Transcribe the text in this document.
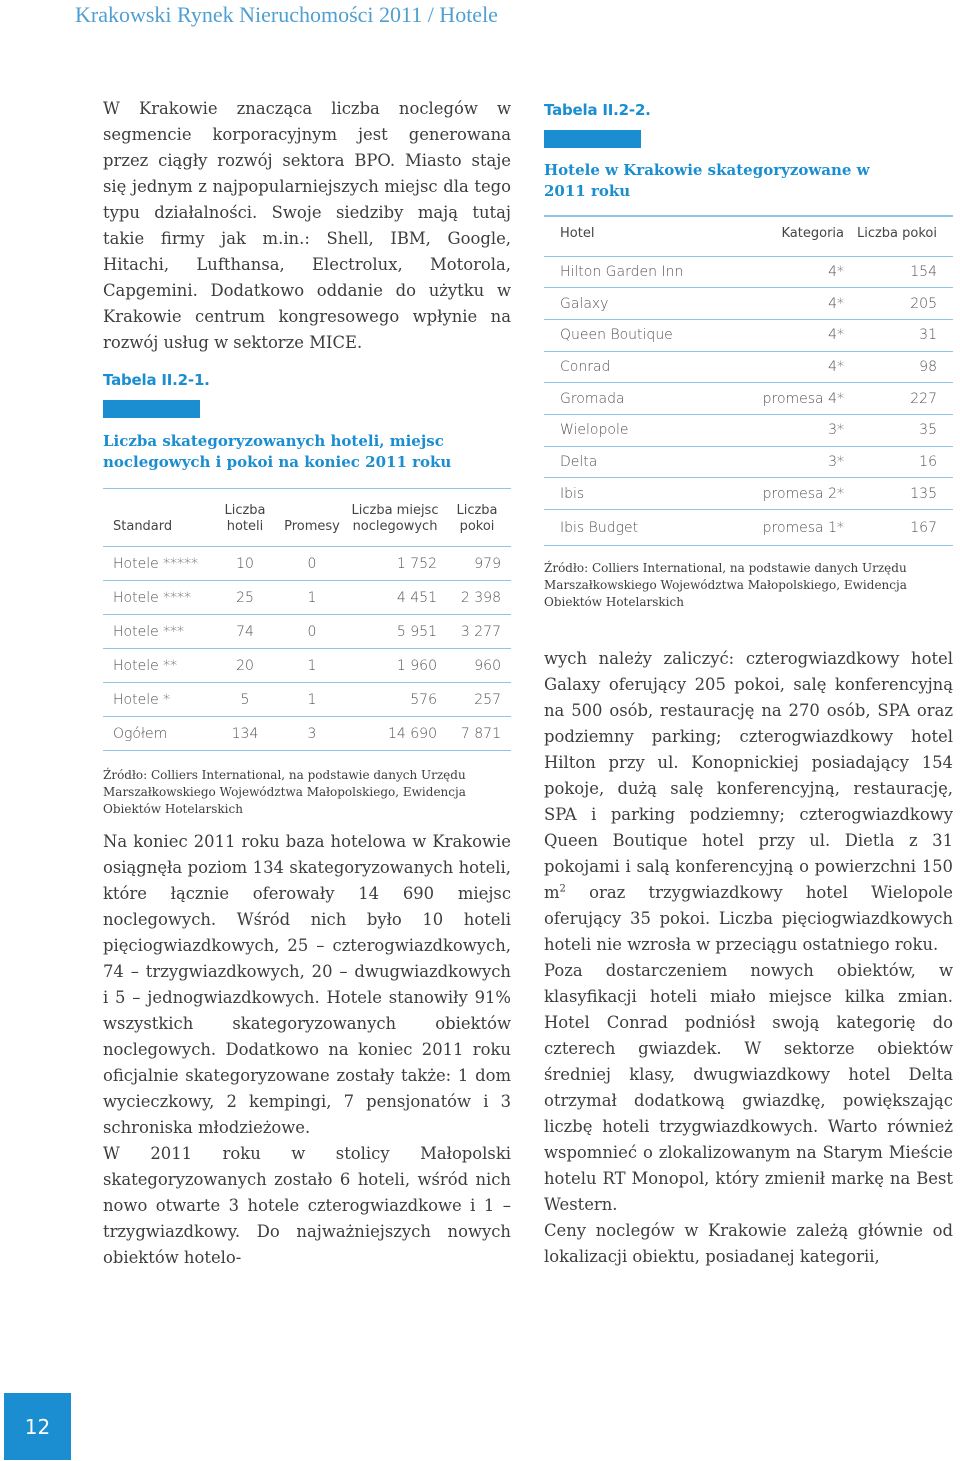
Krakowski Rynek Nieruchomości 2011 / Hotele

W Krakowie znacząca liczba noclegów w segmencie korporacyjnym jest generowana przez ciągły rozwój sektora BPO. Miasto staje się jednym z najpopularniejszych miejsc dla tego typu działalności. Swoje siedziby mają tutaj takie firmy jak m.in.: Shell, IBM, Google, Hitachi, Lufthansa, Electrolux, Motorola, Capgemini. Dodatkowo oddanie do użytku w Krakowie centrum kongresowego wpłynie na rozwój usług w sektorze MICE.

Tabela II.2-1.
Liczba skategoryzowanych hoteli, miejsc noclegowych i pokoi na koniec 2011 roku
Standard	Liczba hoteli	Promesy	Liczba miejsc noclegowych	Liczba pokoi
Hotele *****	10	0	1 752	979
Hotele ****	25	1	4 451	2 398
Hotele ***	74	0	5 951	3 277
Hotele **	20	1	1 960	960
Hotele *	5	1	576	257
Ogółem	134	3	14 690	7 871
Źródło: Colliers International, na podstawie danych Urzędu Marszałkowskiego Województwa Małopolskiego, Ewidencja Obiektów Hotelarskich

Na koniec 2011 roku baza hotelowa w Krakowie osiągnęła poziom 134 skategoryzowanych hoteli, które łącznie oferowały 14 690 miejsc noclegowych. Wśród nich było 10 hoteli pięciogwiazdkowych, 25 – czterogwiazdkowych, 74 – trzygwiazdkowych, 20 – dwugwiazdkowych i 5 – jednogwiazdkowych. Hotele stanowiły 91% wszystkich skategoryzowanych obiektów noclegowych. Dodatkowo na koniec 2011 roku oficjalnie skategoryzowane zostały także: 1 dom wycieczkowy, 2 kempingi, 7 pensjonatów i 3 schroniska młodzieżowe.

W 2011 roku w stolicy Małopolski skategoryzowanych zostało 6 hoteli, wśród nich nowo otwarte 3 hotele czterogwiazdkowe i 1 – trzygwiazdkowy. Do najważniejszych nowych obiektów hotelo-

Tabela II.2-2.
Hotele w Krakowie skategoryzowane w 2011 roku
Hotel	Kategoria	Liczba pokoi
Hilton Garden Inn	4*	154
Galaxy	4*	205
Queen Boutique	4*	31
Conrad	4*	98
Gromada	promesa 4*	227
Wielopole	3*	35
Delta	3*	16
Ibis	promesa 2*	135
Ibis Budget	promesa 1*	167
Źródło: Colliers International, na podstawie danych Urzędu Marszałkowskiego Województwa Małopolskiego, Ewidencja Obiektów Hotelarskich

wych należy zaliczyć: czterogwiazdkowy hotel Galaxy oferujący 205 pokoi, salę konferencyjną na 500 osób, restaurację na 270 osób, SPA oraz podziemny parking; czterogwiazdkowy hotel Hilton przy ul. Konopnickiej posiadający 154 pokoje, dużą salę konferencyjną, restaurację, SPA i parking podziemny; czterogwiazdkowy Queen Boutique hotel przy ul. Dietla z 31 pokojami i salą konferencyjną o powierzchni 150 $m^2$ oraz trzygwiazdkowy hotel Wielopole oferujący 35 pokoi. Liczba pięciogwiazdkowych hoteli nie wzrosła w przeciągu ostatniego roku.

Poza dostarczeniem nowych obiektów, w klasyfikacji hoteli miało miejsce kilka zmian. Hotel Conrad podniósł swoją kategorię do czterech gwiazdek. W sektorze obiektów średniej klasy, dwugwiazdkowy hotel Delta otrzymał dodatkową gwiazdkę, powiększając liczbę hoteli trzygwiazdkowych. Warto również wspomnieć o zlokalizowanym na Starym Mieście hotelu RT Monopol, który zmienił markę na Best Western.

Ceny noclegów w Krakowie zależą głównie od lokalizacji obiektu, posiadanej kategorii,

12
